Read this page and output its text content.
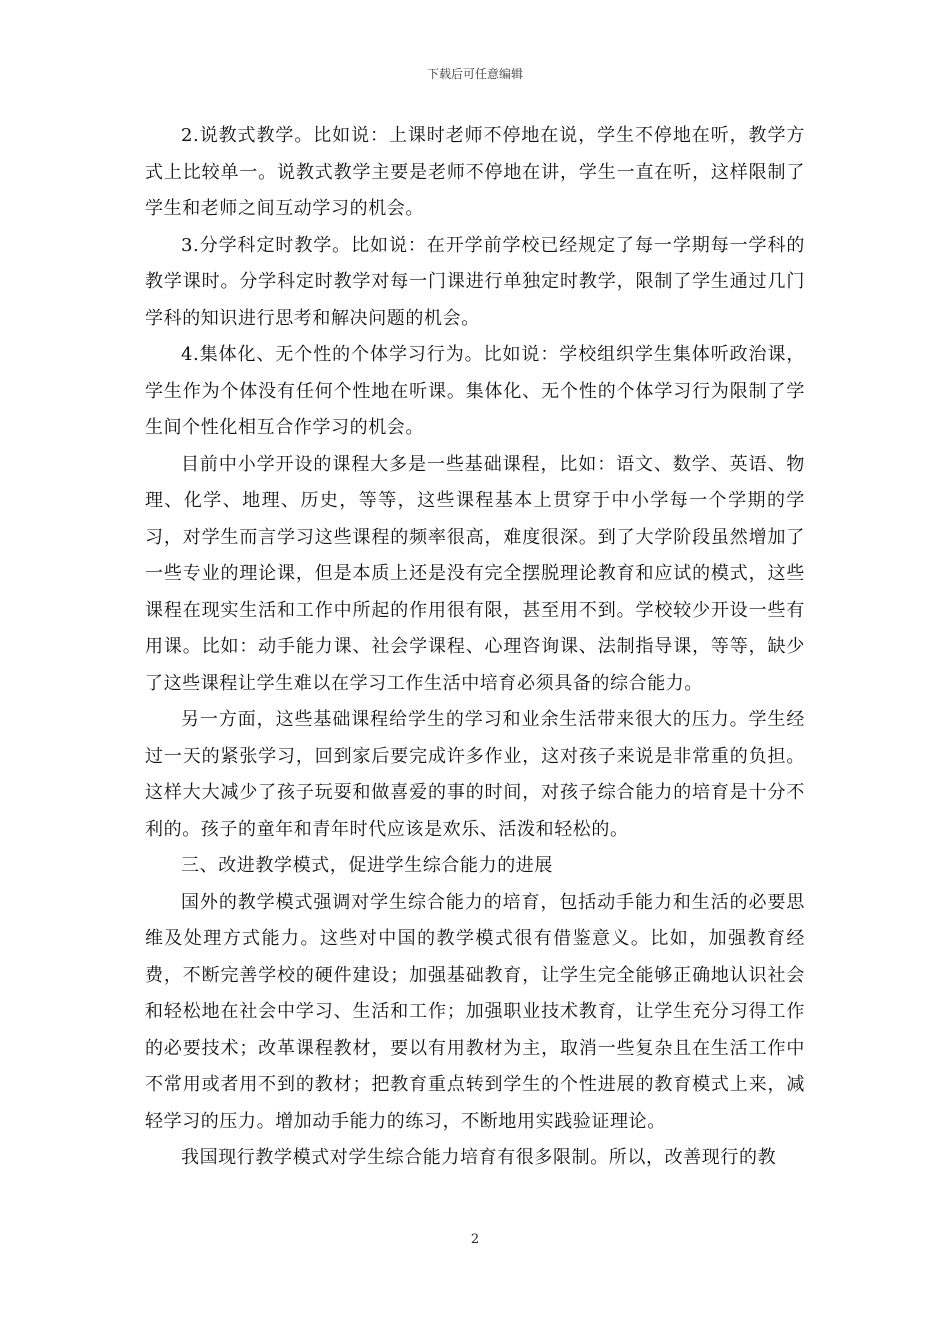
下载后可任意编辑

2.说教式教学。比如说：上课时老师不停地在说，学生不停地在听，教学方式上比较单一。说教式教学主要是老师不停地在讲，学生一直在听，这样限制了学生和老师之间互动学习的机会。

3.分学科定时教学。比如说：在开学前学校已经规定了每一学期每一学科的教学课时。分学科定时教学对每一门课进行单独定时教学，限制了学生通过几门学科的知识进行思考和解决问题的机会。

4.集体化、无个性的个体学习行为。比如说：学校组织学生集体听政治课，学生作为个体没有任何个性地在听课。集体化、无个性的个体学习行为限制了学生间个性化相互合作学习的机会。

目前中小学开设的课程大多是一些基础课程，比如：语文、数学、英语、物理、化学、地理、历史，等等，这些课程基本上贯穿于中小学每一个学期的学习，对学生而言学习这些课程的频率很高，难度很深。到了大学阶段虽然增加了一些专业的理论课，但是本质上还是没有完全摆脱理论教育和应试的模式，这些课程在现实生活和工作中所起的作用很有限，甚至用不到。学校较少开设一些有用课。比如：动手能力课、社会学课程、心理咨询课、法制指导课，等等，缺少了这些课程让学生难以在学习工作生活中培育必须具备的综合能力。

另一方面，这些基础课程给学生的学习和业余生活带来很大的压力。学生经过一天的紧张学习，回到家后要完成许多作业，这对孩子来说是非常重的负担。这样大大减少了孩子玩耍和做喜爱的事的时间，对孩子综合能力的培育是十分不利的。孩子的童年和青年时代应该是欢乐、活泼和轻松的。

三、改进教学模式，促进学生综合能力的进展

国外的教学模式强调对学生综合能力的培育，包括动手能力和生活的必要思维及处理方式能力。这些对中国的教学模式很有借鉴意义。比如，加强教育经费，不断完善学校的硬件建设；加强基础教育，让学生完全能够正确地认识社会和轻松地在社会中学习、生活和工作；加强职业技术教育，让学生充分习得工作的必要技术；改革课程教材，要以有用教材为主，取消一些复杂且在生活工作中不常用或者用不到的教材；把教育重点转到学生的个性进展的教育模式上来，减轻学习的压力。增加动手能力的练习，不断地用实践验证理论。

我国现行教学模式对学生综合能力培育有很多限制。所以，改善现行的教

2
